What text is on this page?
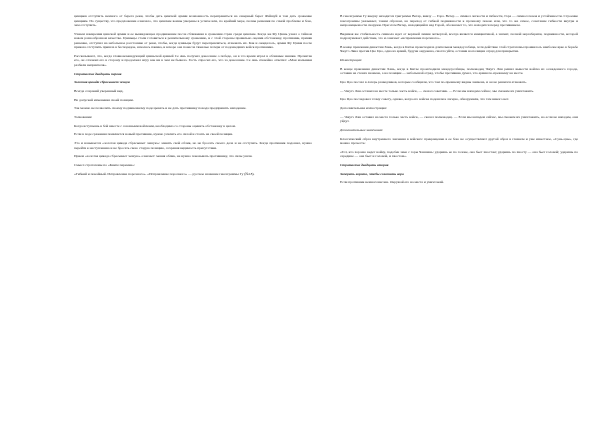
цинциев отступить немного от берега реки, чтобы дать цинской армии возможность переправиться на северный берег Фэйшуй и там дать сражение цинциям. По существу, это предложение означало, что цинские воины умерены в успехе или, по крайней мере, полны решения по самой проблеме и бою, чем отступить.

Узнаем намерения цинской армии и ее выжидающее продвижение после сближения в сражении стран среди цинские. Когда же Фу Цзянь узнал о тайном новом разнообразном качестве. Цзиньцы стали готовиться к решительному сражению, и с этой стороны правильно оценив обстановку, противник, приняв решение, отступил на небольшое расстояние от реки, чтобы, когда цзиньцы будут переправляться, атаковать их. Как и ожидалось, армия Фу Цзяня после приказа отступить пришла в беспорядок, началась паника, и вскоре она понесла тяжелые потери от подошедших войск противника.

Рассказывают, что, когда главнокомандующий цзиньской армией Се Ань получил донесение о победе, он в это время играл в облавные шашки. Прочитав его, он отложил его в сторону и продолжал игру как ни в чем не бывало. Гость спросил его, что за донесение. Се Ань спокойно ответил: «Мои мальчики разбили неприятеля».

Стратагема двадцать первая

Золотая цикада сбрасывает чешую

Всегда сохраняй уверенный вид,

Не допускай изменения своей позиции.

Так можно не позволить своему подчиненному подозревать и не дать противнику повода предпринять нападение.

Толкование:

Когда вступаешь в бой вместе с союзными войсками, необходимо со стороны оценить обстановку в целом.

Если в ходе сражения появляется новый противник, нужно усилить его силой и стоять на своей позиции.

Это и называется «золотая цикада сбрасывает чешую»: менять свой облик, но не бросать своего дела и не отступать. Когда противник подошел, нужно перейти к наступлению и не бросать свою старую позицию, сохраняя видимость присутствия.

Прием «золотая цикада сбрасывает чешую» означает: меняя облик, не нужно показывать противнику, что силы ушли.

Смысл стратагемы по «Книге перемен»:

«Гибкий и покойный. Исправление порочного». «Исправление порочного» — русское название гексаграммы Гу (№18).

В гексаграмме Гу вверху находится триграмма Ветер, внизу — Гора. Ветер — символ легкости и гибкости, Гора — символ покоя и устойчивости. Строение гексаграммы указывает, таким образом, на переход от гибкой подвижности к прочному покою или, что то же самое, сочетание гибкости внутри и непроницаемости снаружи. При этом Ветер, находящийся над Горой, обозначает то, что находится перед противником.

Видимая же стабильность символа идет от верхней линии четвертой, всегда является инициативой, а значит, полной неразберихи, подвижности, которой подразумевает действие, это и означает «исправление порочного».

В конце правления династии Хань, когда в Китае происходила длительная междоусобица, хотя действие этой стратагемы проявилось наиболее ярко в борьбе Чжугэ Ляна против Цао Цао, одна из армий, будучи окружена, смогла уйти, оставив на позиции отряд для прикрытия.

Иллюстрация:

В конце правления династии Хань, когда в Китае происходили междоусобицы, полководец Чжугэ Лян решил вывести войска из осажденного города, оставив на стенах знамена, а на позиции — небольшой отряд, чтобы противник думал, что армия по-прежнему на месте.

Цао Цао послал в лагерь разведчиков, которые сообщили, что там по-прежнему видны знамена, и он не решился атаковать.

— Чжугэ Лян оставил на месте только часть войск, — сказал советник. — Если мы нападем сейчас, мы сможем их уничтожить.

Цао Цао последовал этому совету, однако, когда его войска подошли к лагерю, обнаружили, что там никого нет.

Дополнительная иллюстрация:

— Чжугэ Лян оставил на месте только часть войск, — сказал полководец. — Если мы нападем сейчас, мы сможем их уничтожить, но если не нападем, они уйдут.

Дополнительные замечания:

Классический образ внутреннего значения в войсках: прекращение в ее бою не осуществляют другой образ в главном и уже известное, «Сунь-цзы», где можно прочесть:

«Тот, кто хорошо ведет войну, подобен змее с горы Чаншань: ударишь ее по голове, она бьет хвостом; ударишь по хвосту — она бьет головой; ударишь по середине — она бьет и головой, и хвостом».

Стратагема двадцать вторая

Запереть ворота, чтобы схватить вора

Если противник немногочислен. Окружай его на месте и уничтожай.
